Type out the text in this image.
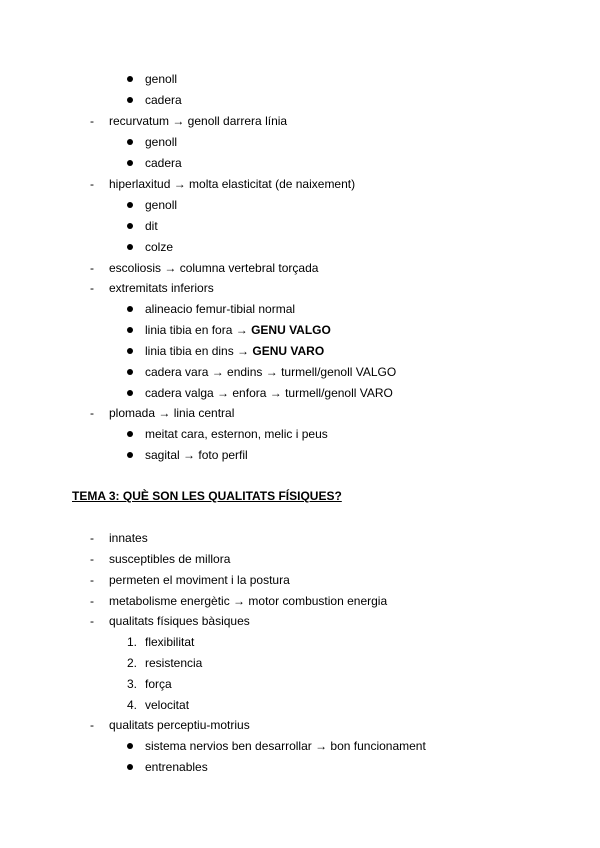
genoll
cadera
- recurvatum → genoll darrera línia
genoll
cadera
- hiperlaxitud → molta elasticitat (de naixement)
genoll
dit
colze
- escoliosis → columna vertebral torçada
- extremitats inferiors
alineacio femur-tibial normal
linia tibia en fora → GENU VALGO
linia tibia en dins → GENU VARO
cadera vara → endins → turmell/genoll VALGO
cadera valga → enfora → turmell/genoll VARO
- plomada → linia central
meitat cara, esternon, melic i peus
sagital → foto perfil
TEMA 3: QUÈ SON LES QUALITATS FÍSIQUES?
- innates
- susceptibles de millora
- permeten el moviment i la postura
- metabolisme energètic → motor combustion energia
- qualitats físiques bàsiques
1. flexibilitat
2. resistencia
3. força
4. velocitat
- qualitats perceptiu-motrius
sistema nervios ben desarrollar → bon funcionament
entrenables
